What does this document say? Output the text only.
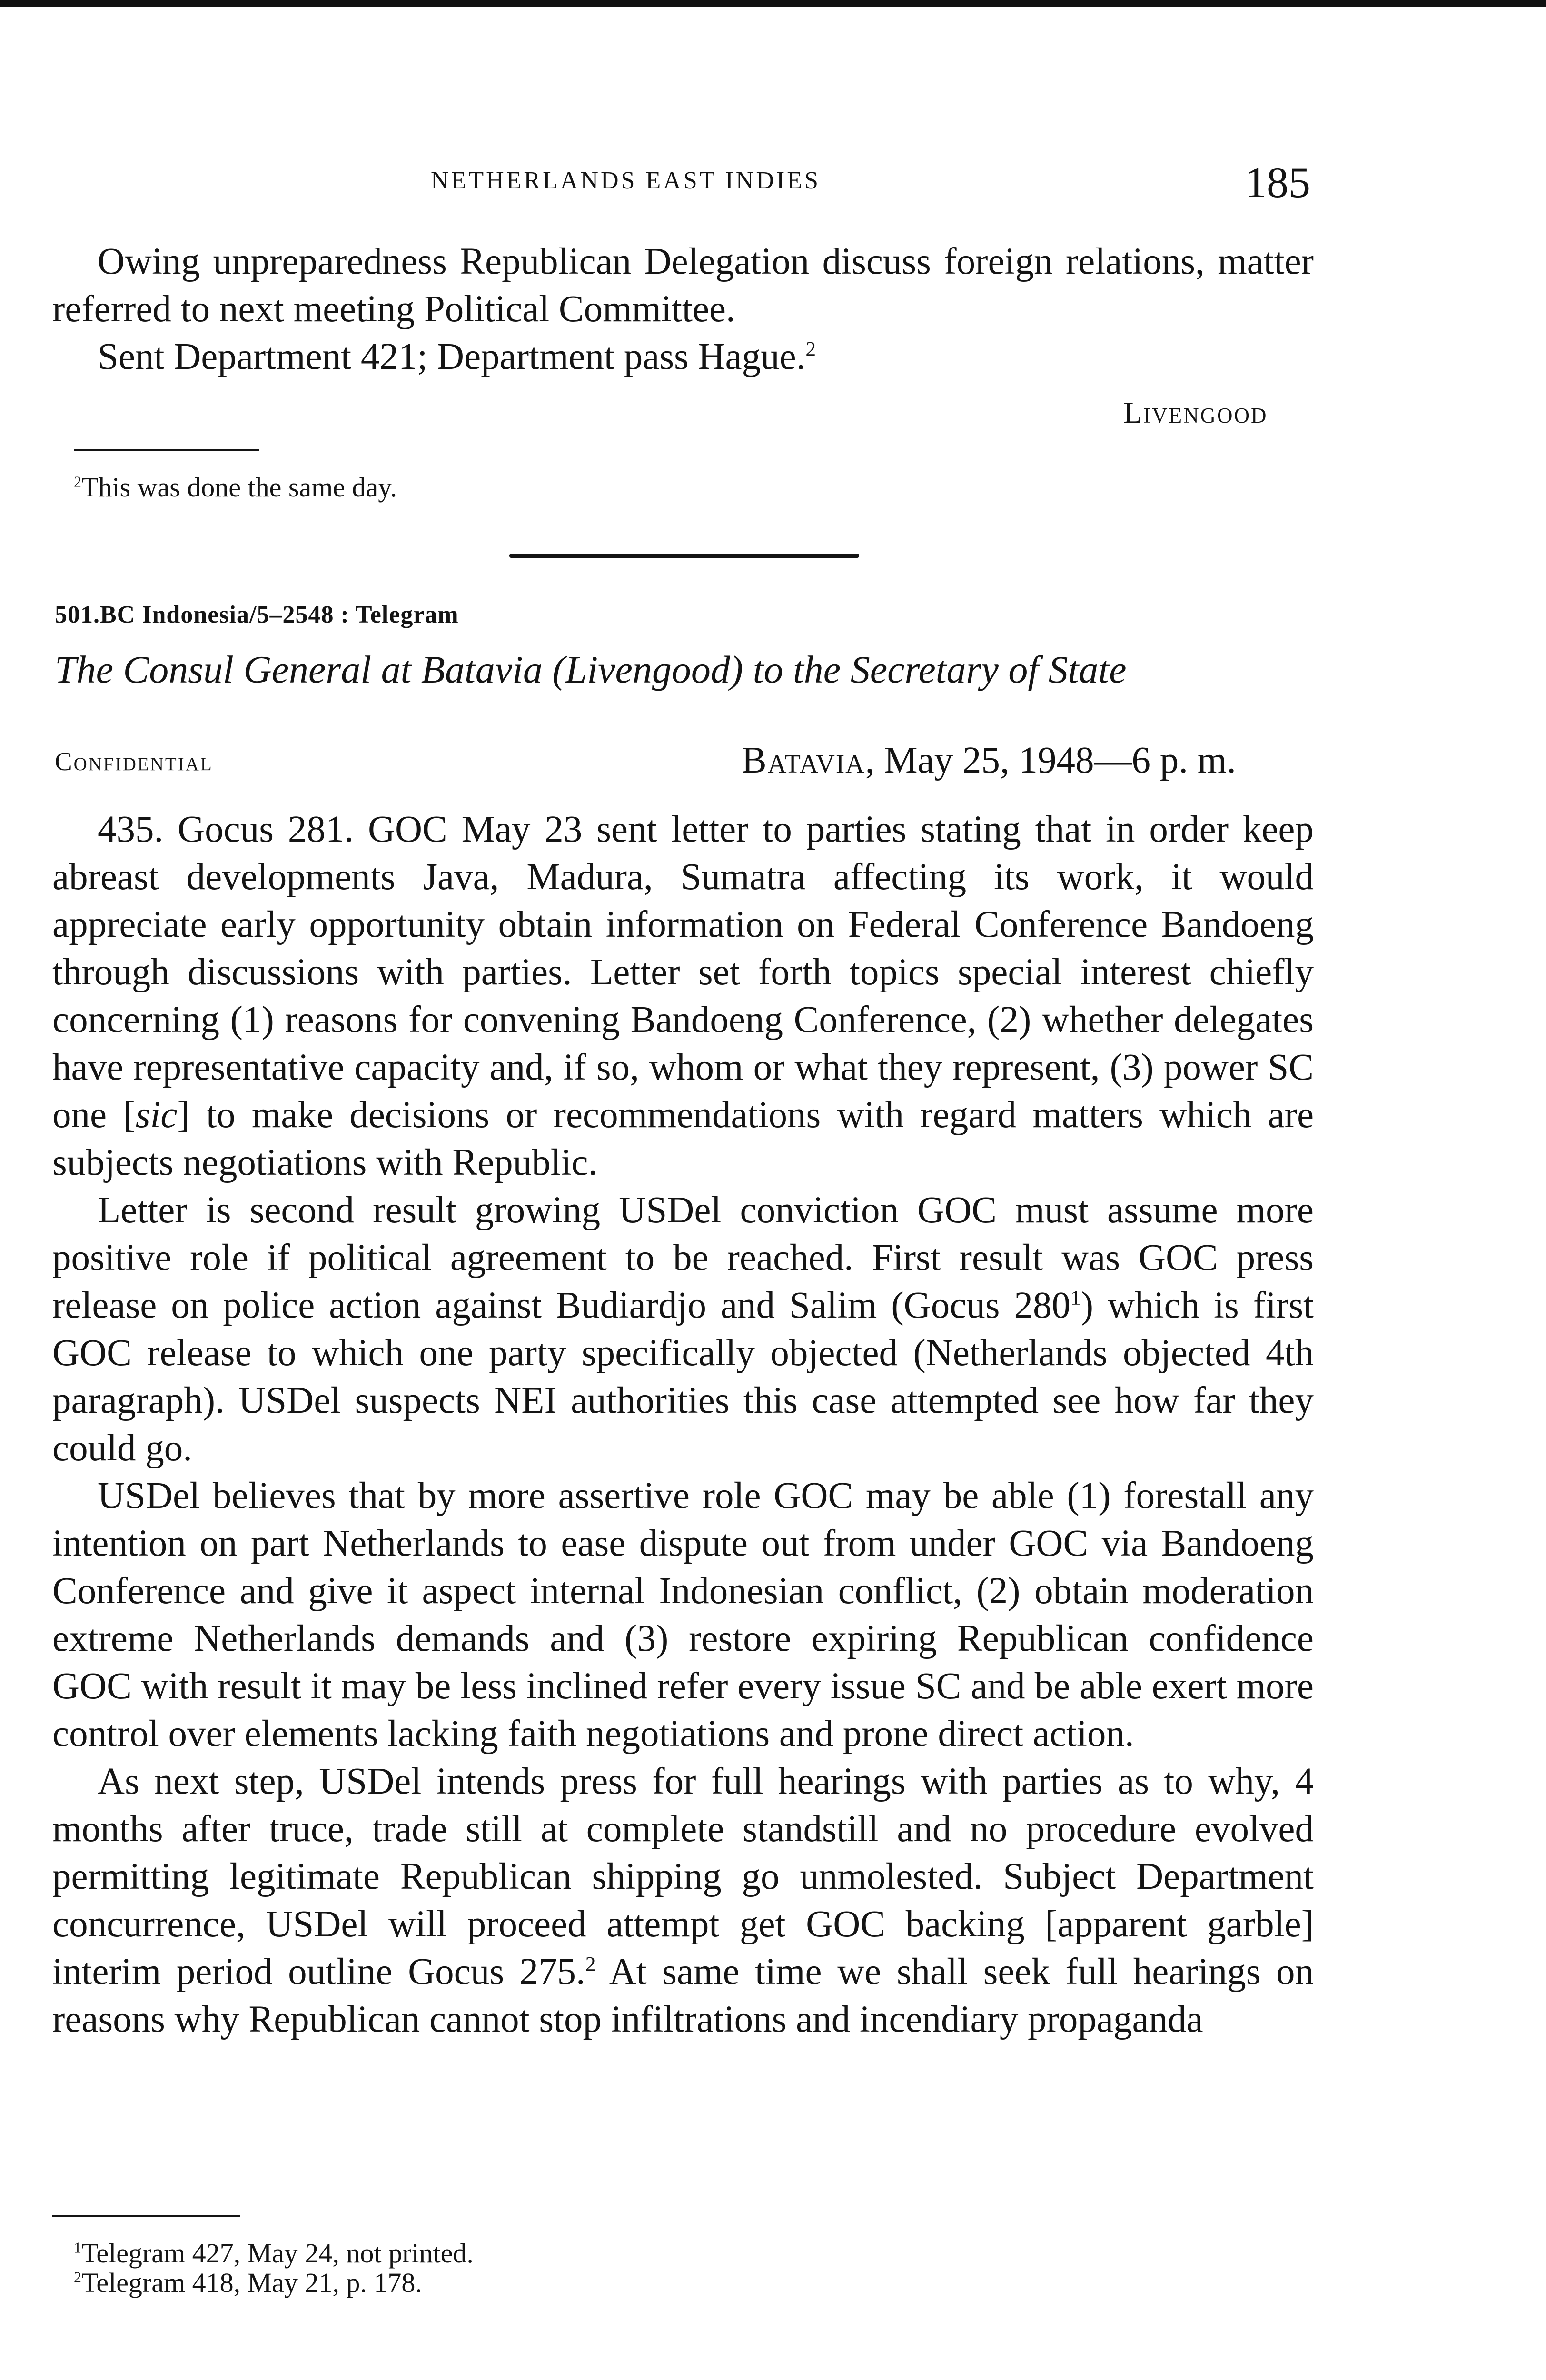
NETHERLANDS EAST INDIES	185

Owing unpreparedness Republican Delegation discuss foreign relations, matter referred to next meeting Political Committee.

Sent Department 421; Department pass Hague.$^2$

Livengood

$^2$This was done the same day.

501.BC Indonesia/5–2548 : Telegram
The Consul General at Batavia (Livengood) to the Secretary of State
Confidential	Batavia, May 25, 1948—6 p. m.

435. Gocus 281. GOC May 23 sent letter to parties stating that in order keep abreast developments Java, Madura, Sumatra affecting its work, it would appreciate early opportunity obtain information on Federal Conference Bandoeng through discussions with parties. Letter set forth topics special interest chiefly concerning (1) reasons for convening Bandoeng Conference, (2) whether delegates have representative capacity and, if so, whom or what they represent, (3) power SC one [sic] to make decisions or recommendations with regard matters which are subjects negotiations with Republic.

Letter is second result growing USDel conviction GOC must assume more positive role if political agreement to be reached. First result was GOC press release on police action against Budiardjo and Salim (Gocus $280^1$) which is first GOC release to which one party specifically objected (Netherlands objected 4th paragraph). USDel suspects NEI authorities this case attempted see how far they could go.

USDel believes that by more assertive role GOC may be able (1) forestall any intention on part Netherlands to ease dispute out from under GOC via Bandoeng Conference and give it aspect internal Indonesian conflict, (2) obtain moderation extreme Netherlands demands and (3) restore expiring Republican confidence GOC with result it may be less inclined refer every issue SC and be able exert more control over elements lacking faith negotiations and prone direct action.

As next step, USDel intends press for full hearings with parties as to why, 4 months after truce, trade still at complete standstill and no procedure evolved permitting legitimate Republican shipping go unmolested. Subject Department concurrence, USDel will proceed attempt get GOC backing [apparent garble] interim period outline Gocus 275.$^2$ At same time we shall seek full hearings on reasons why Republican cannot stop infiltrations and incendiary propaganda

$^1$Telegram 427, May 24, not printed.

$^2$Telegram 418, May 21, p. 178.
